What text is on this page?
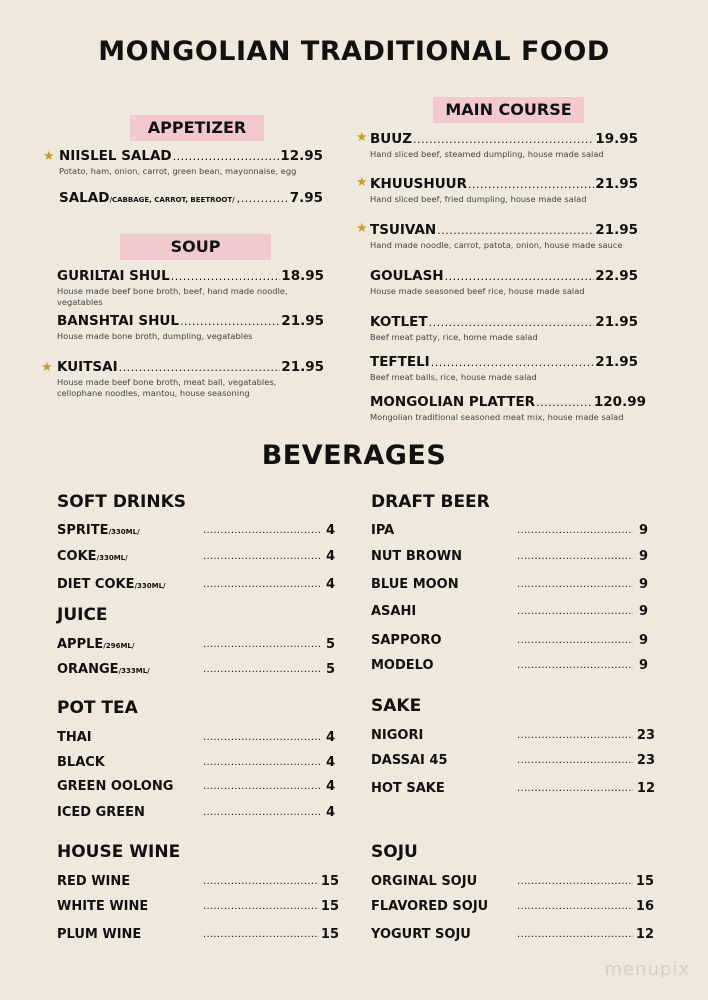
MONGOLIAN TRADITIONAL FOOD
APPETIZER
★ NIISLEL SALAD .....	12.95
Potato, ham, onion, carrot, green bean, mayonnaise, egg
SALAD/CABBAGE, CARROT, BEETROOT/ , .....	7.95
SOUP
GURILTAI SHUL .....	18.95
House made beef bone broth, beef, hand made noodle, vegatables
BANSHTAI SHUL .....	21.95
House made bone broth, dumpling, vegatables
★ KUITSAI .....	21.95
House made beef bone broth, meat ball, vegatables, cellophane noodles, mantou, house seasoning
MAIN COURSE
★ BUUZ .....	19.95
Hand sliced beef, steamed dumpling, house made salad
★ KHUUSHUUR .....	21.95
Hand sliced beef, fried dumpling, house made salad
★ TSUIVAN .....	21.95
Hand made noodle, carrot, patota, onion, house made sauce
GOULASH .....	22.95
House made seasoned beef rice, house made salad
KOTLET .....	21.95
Beef meat patty, rice, home made salad
TEFTELI .....	21.95
Beef meat balls, rice, house made salad
MONGOLIAN PLATTER .....	120.99
Mongolian traditional seasoned meat mix, house made salad
BEVERAGES
SOFT DRINKS
SPRITE/330ML/ .....	4
COKE/330ML/ .....	4
DIET COKE/330ML/ .....	4
JUICE
APPLE/296ML/ .....	5
ORANGE/333ML/ .....	5
POT TEA
THAI .....	4
BLACK .....	4
GREEN OOLONG .....	4
ICED GREEN .....	4
HOUSE WINE
RED WINE .....	15
WHITE WINE .....	15
PLUM WINE .....	15
DRAFT BEER
IPA .....	9
NUT BROWN .....	9
BLUE MOON .....	9
ASAHI .....	9
SAPPORO .....	9
MODELO .....	9
SAKE
NIGORI .....	23
DASSAI 45 .....	23
HOT SAKE .....	12
SOJU
ORGINAL SOJU .....	15
FLAVORED SOJU .....	16
YOGURT SOJU .....	12
menupix
